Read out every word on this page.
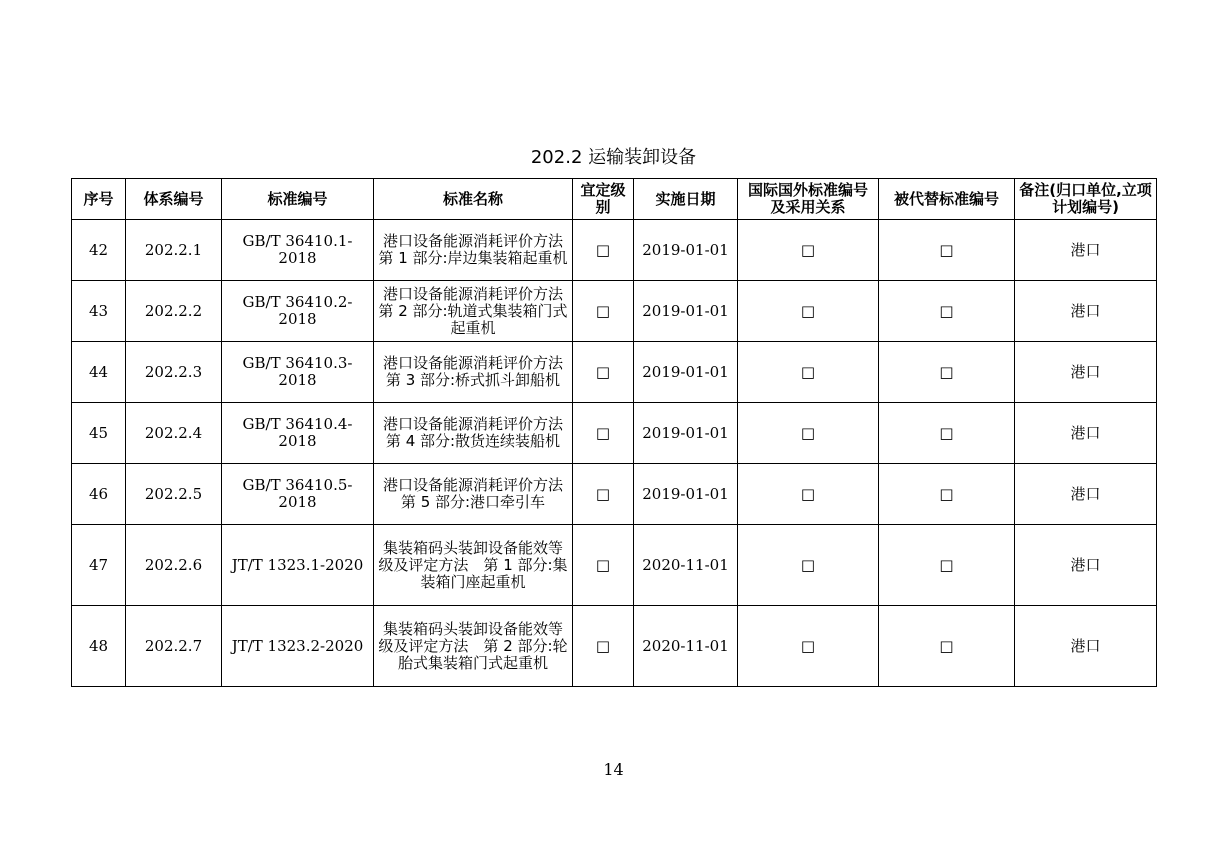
202.2 运输装卸设备
序号	体系编号	标准编号	标准名称	宜定级别	实施日期	国际国外标准编号及采用关系	被代替标准编号	备注(归口单位,立项计划编号)
42	202.2.1	GB/T 36410.1-2018	港口设备能源消耗评价方法　第 1 部分:岸边集装箱起重机	□	2019-01-01	□	□	港口
43	202.2.2	GB/T 36410.2-2018	港口设备能源消耗评价方法　第 2 部分:轨道式集装箱门式起重机	□	2019-01-01	□	□	港口
44	202.2.3	GB/T 36410.3-2018	港口设备能源消耗评价方法　第 3 部分:桥式抓斗卸船机	□	2019-01-01	□	□	港口
45	202.2.4	GB/T 36410.4-2018	港口设备能源消耗评价方法　第 4 部分:散货连续装船机	□	2019-01-01	□	□	港口
46	202.2.5	GB/T 36410.5-2018	港口设备能源消耗评价方法　第 5 部分:港口牵引车	□	2019-01-01	□	□	港口
47	202.2.6	JT/T 1323.1-2020	集装箱码头装卸设备能效等级及评定方法　第 1 部分:集装箱门座起重机	□	2020-11-01	□	□	港口
48	202.2.7	JT/T 1323.2-2020	集装箱码头装卸设备能效等级及评定方法　第 2 部分:轮胎式集装箱门式起重机	□	2020-11-01	□	□	港口
14
